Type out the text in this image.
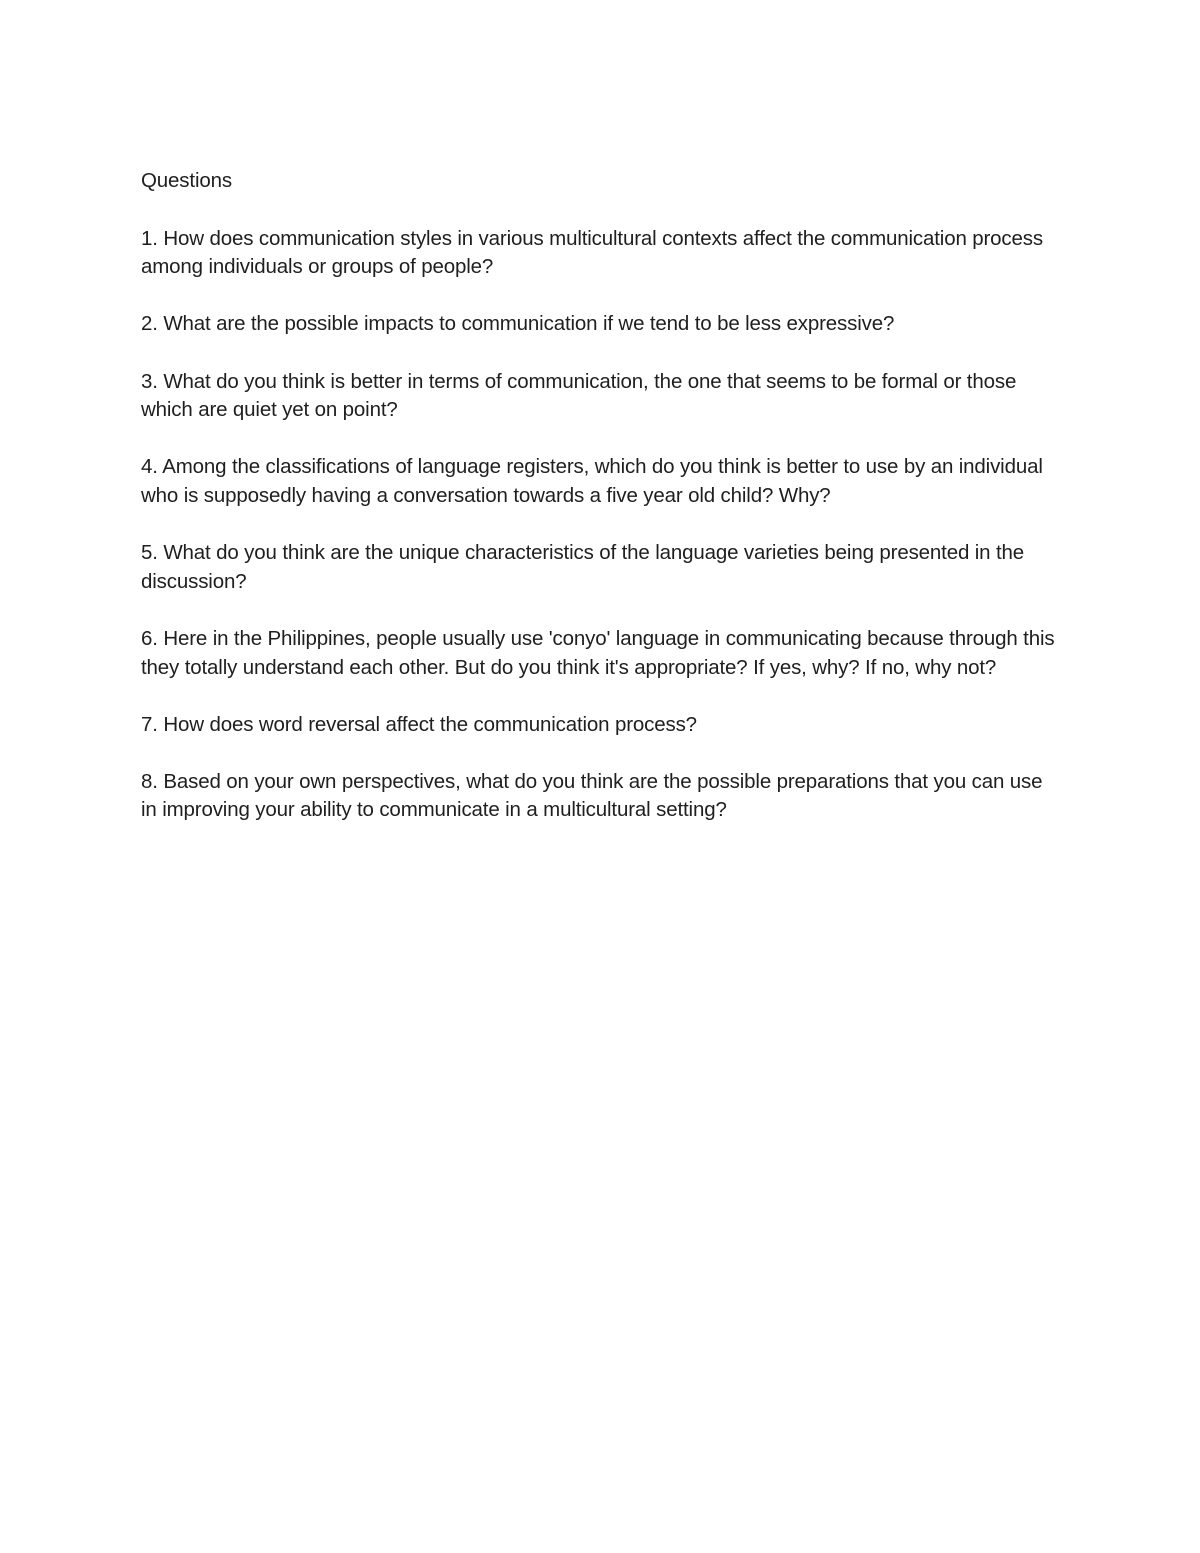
Questions
1. How does communication styles in various multicultural contexts affect the communication process among individuals or groups of people?
2. What are the possible impacts to communication if we tend to be less expressive?
3. What do you think is better in terms of communication, the one that seems to be formal or those which are quiet yet on point?
4. Among the classifications of language registers, which do you think is better to use by an individual who is supposedly having a conversation towards a five year old child? Why?
5. What do you think are the unique characteristics of the language varieties being presented in the discussion?
6. Here in the Philippines, people usually use 'conyo' language in communicating because through this they totally understand each other. But do you think it's appropriate? If yes, why? If no, why not?
7. How does word reversal affect the communication process?
8. Based on your own perspectives, what do you think are the possible preparations that you can use in improving your ability to communicate in a multicultural setting?
